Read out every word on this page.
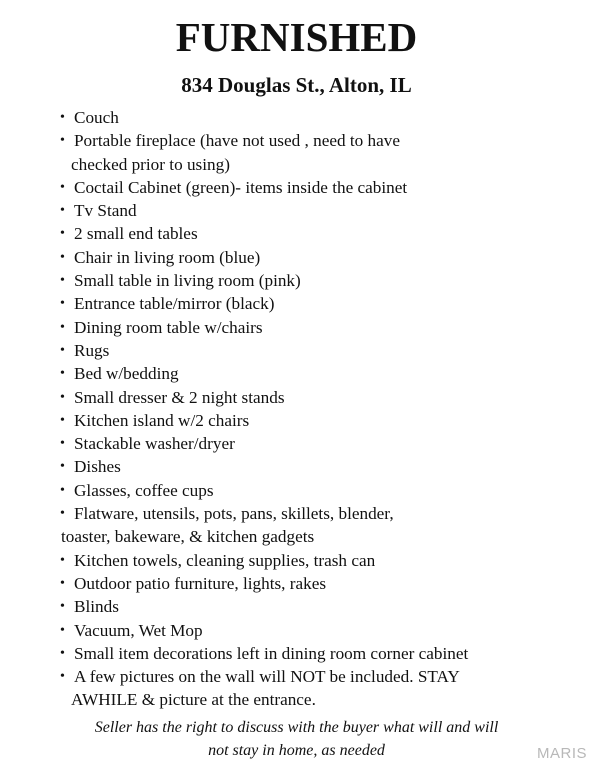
FURNISHED
834 Douglas St., Alton, IL
• Couch
• Portable fireplace (have not used , need to have
checked prior to using)
• Coctail Cabinet (green)- items inside the cabinet
• Tv Stand
• 2 small end tables
• Chair in living room (blue)
• Small table in living room (pink)
• Entrance table/mirror (black)
• Dining room table w/chairs
• Rugs
• Bed w/bedding
• Small dresser & 2 night stands
• Kitchen island w/2 chairs
• Stackable washer/dryer
• Dishes
• Glasses, coffee cups
• Flatware, utensils, pots, pans, skillets, blender,
toaster, bakeware, & kitchen gadgets
• Kitchen towels, cleaning supplies, trash can
• Outdoor patio furniture, lights, rakes
• Blinds
• Vacuum, Wet Mop
• Small item decorations left in dining room corner cabinet
• A few pictures on the wall will NOT be included. STAY
AWHILE & picture at the entrance.
Seller has the right to discuss with the buyer what will and will
not stay in home, as needed	MARIS
